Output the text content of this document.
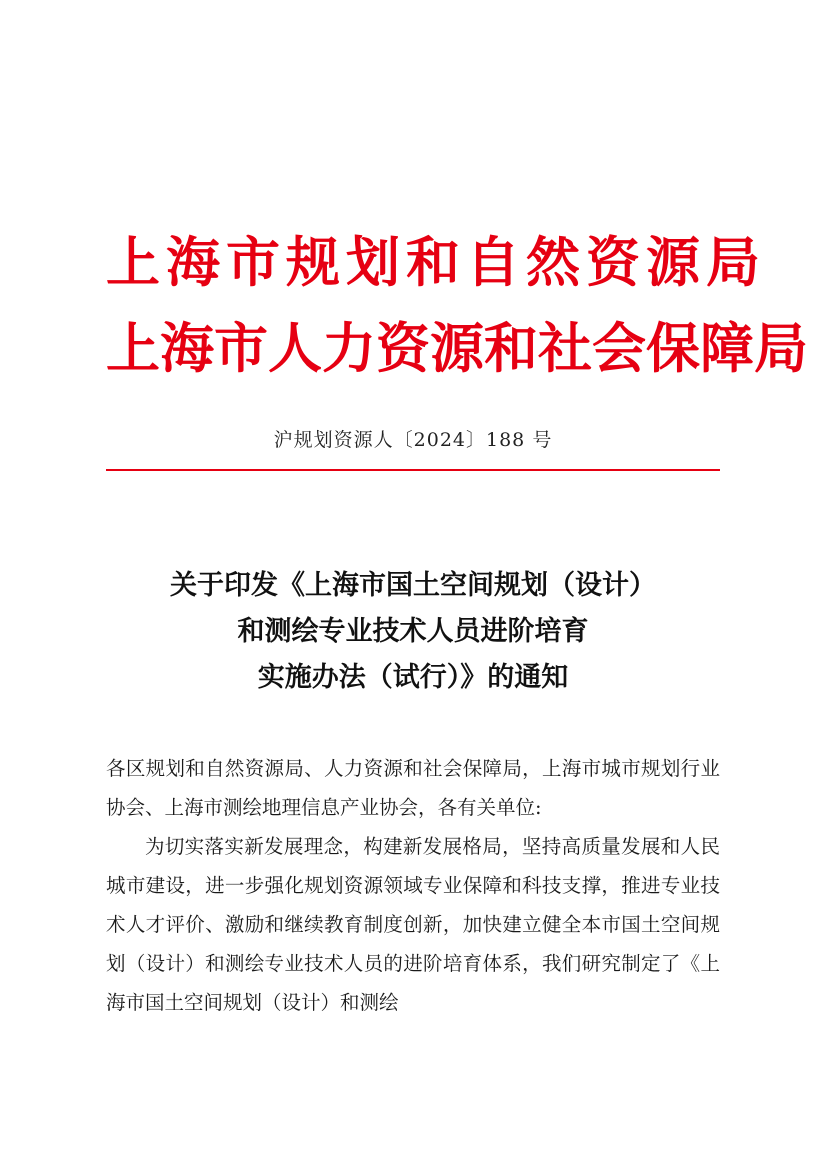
上海市规划和自然资源局
上海市人力资源和社会保障局
沪规划资源人〔2024〕188 号
关于印发《上海市国土空间规划（设计）
和测绘专业技术人员进阶培育
实施办法（试行）》的通知

各区规划和自然资源局、人力资源和社会保障局，上海市城市规划行业协会、上海市测绘地理信息产业协会，各有关单位:

为切实落实新发展理念，构建新发展格局，坚持高质量发展和人民城市建设，进一步强化规划资源领域专业保障和科技支撑，推进专业技术人才评价、激励和继续教育制度创新，加快建立健全本市国土空间规划（设计）和测绘专业技术人员的进阶培育体系，我们研究制定了《上海市国土空间规划（设计）和测绘
